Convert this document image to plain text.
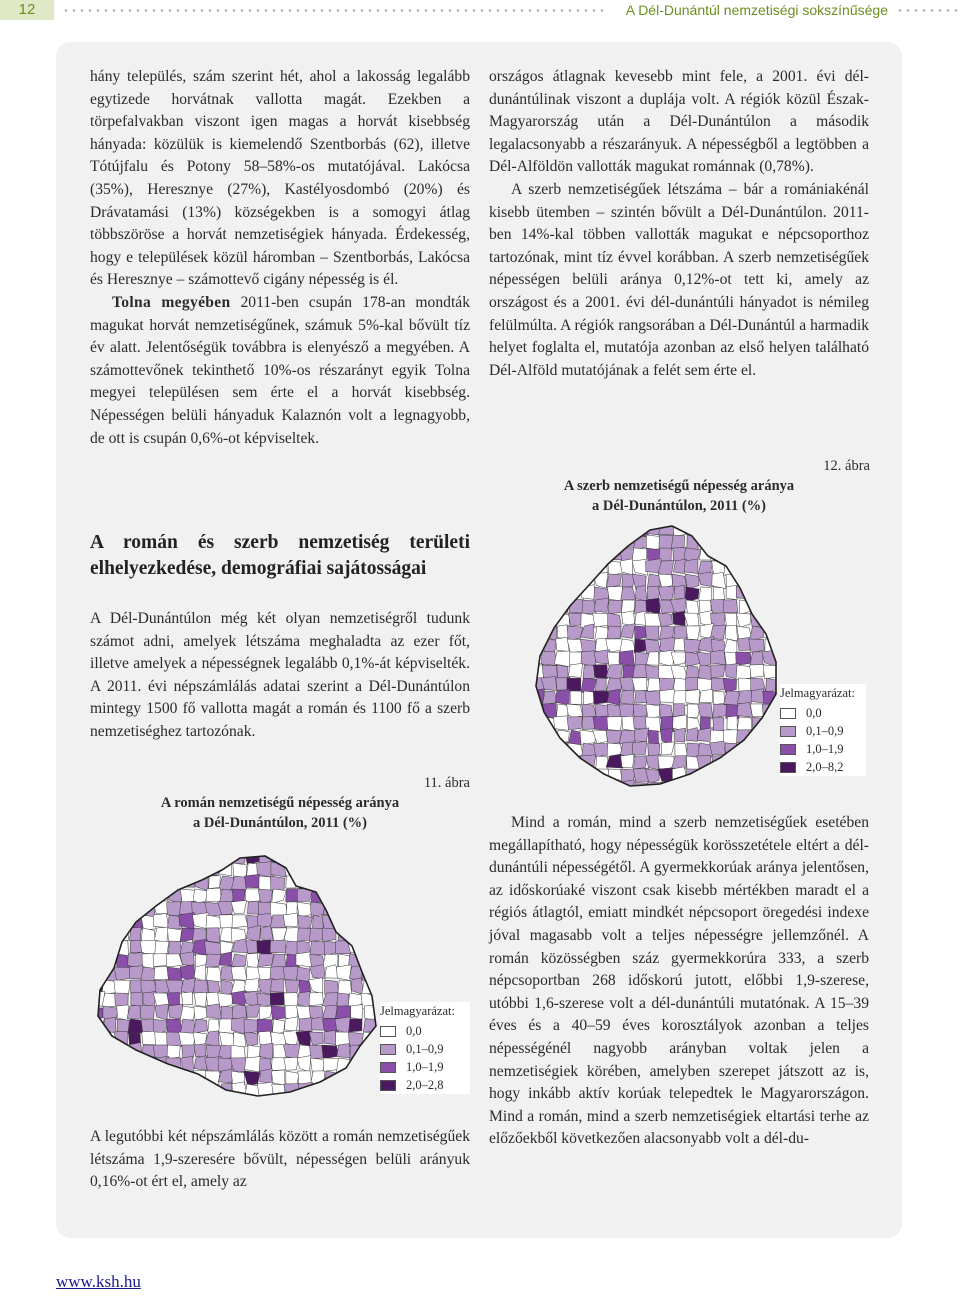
12	A Dél-Dunántúl nemzetiségi sokszínűsége

hány település, szám szerint hét, ahol a lakosság legalább egytizede horvátnak vallotta magát. Ezekben a törpefalvakban viszont igen magas a horvát kisebbség hányada: közülük is kiemelendő Szentborbás (62), illetve Tótújfalu és Potony 58–58%-os mutatójával. Lakócsa (35%), Heresznye (27%), Kastélyosdombó (20%) és Drávatamási (13%) községekben is a somogyi átlag többszöröse a horvát nemzetiségiek hányada. Érdekesség, hogy e települések közül háromban – Szentborbás, Lakócsa és Heresznye – számottevő cigány népesség is él.

Tolna megyében 2011-ben csupán 178-an mondták magukat horvát nemzetiségűnek, számuk 5%-kal bővült tíz év alatt. Jelentőségük továbbra is elenyésző a megyében. A számottevőnek tekinthető 10%-os részarányt egyik Tolna megyei településen sem érte el a horvát kisebbség. Népességen belüli hányaduk Kalaznón volt a legnagyobb, de ott is csupán 0,6%-ot képviseltek.

A román és szerb nemzetiség területi elhelyezkedése, demográfiai sajátosságai

A Dél-Dunántúlon még két olyan nemzetiségről tudunk számot adni, amelyek létszáma meghaladta az ezer főt, illetve amelyek a népességnek legalább 0,1%-át képviselték. A 2011. évi népszámlálás adatai szerint a Dél-Dunántúlon mintegy 1500 fő vallotta magát a román és 1100 fő a szerb nemzetiséghez tartozónak.

11. ábra
A román nemzetiségű népesség aránya
a Dél-Dunántúlon, 2011 (%)
Jelmagyarázat:
0,0
0,1–0,9
1,0–1,9
2,0–2,8

A legutóbbi két népszámlálás között a román nemzetiségűek létszáma 1,9-szeresére bővült, népességen belüli arányuk 0,16%-ot ért el, amely az

országos átlagnak kevesebb mint fele, a 2001. évi dél-dunántúlinak viszont a duplája volt. A régiók közül Észak-Magyarország után a Dél-Dunántúlon a második legalacsonyabb a részarányuk. A népességből a legtöbben a Dél-Alföldön vallották magukat románnak (0,78%).

A szerb nemzetiségűek létszáma – bár a romániakénál kisebb ütemben – szintén bővült a Dél-Dunántúlon. 2011-ben 14%-kal többen vallották magukat e népcsoporthoz tartozónak, mint tíz évvel korábban. A szerb nemzetiségűek népességen belüli aránya 0,12%-ot tett ki, amely az országost és a 2001. évi dél-dunántúli hányadot is némileg felülmúlta. A régiók rangsorában a Dél-Dunántúl a harmadik helyet foglalta el, mutatója azonban az első helyen található Dél-Alföld mutatójának a felét sem érte el.

12. ábra
A szerb nemzetiségű népesség aránya
a Dél-Dunántúlon, 2011 (%)
Jelmagyarázat:
0,0
0,1–0,9
1,0–1,9
2,0–8,2

Mind a román, mind a szerb nemzetiségűek esetében megállapítható, hogy népességük korösszetétele eltért a dél-dunántúli népességétől. A gyermekkorúak aránya jelentősen, az időskorúaké viszont csak kisebb mértékben maradt el a régiós átlagtól, emiatt mindkét népcsoport öregedési indexe jóval magasabb volt a teljes népességre jellemzőnél. A román közösségben száz gyermekkorúra 333, a szerb népcsoportban 268 időskorú jutott, előbbi 1,9-szerese, utóbbi 1,6-szerese volt a dél-dunántúli mutatónak. A 15–39 éves és a 40–59 éves korosztályok azonban a teljes népességénél nagyobb arányban voltak jelen a nemzetiségiek körében, amelyben szerepet játszott az is, hogy inkább aktív korúak telepedtek le Magyarországon. Mind a román, mind a szerb nemzetiségiek eltartási terhe az előzőekből következően alacsonyabb volt a dél-du-

www.ksh.hu
